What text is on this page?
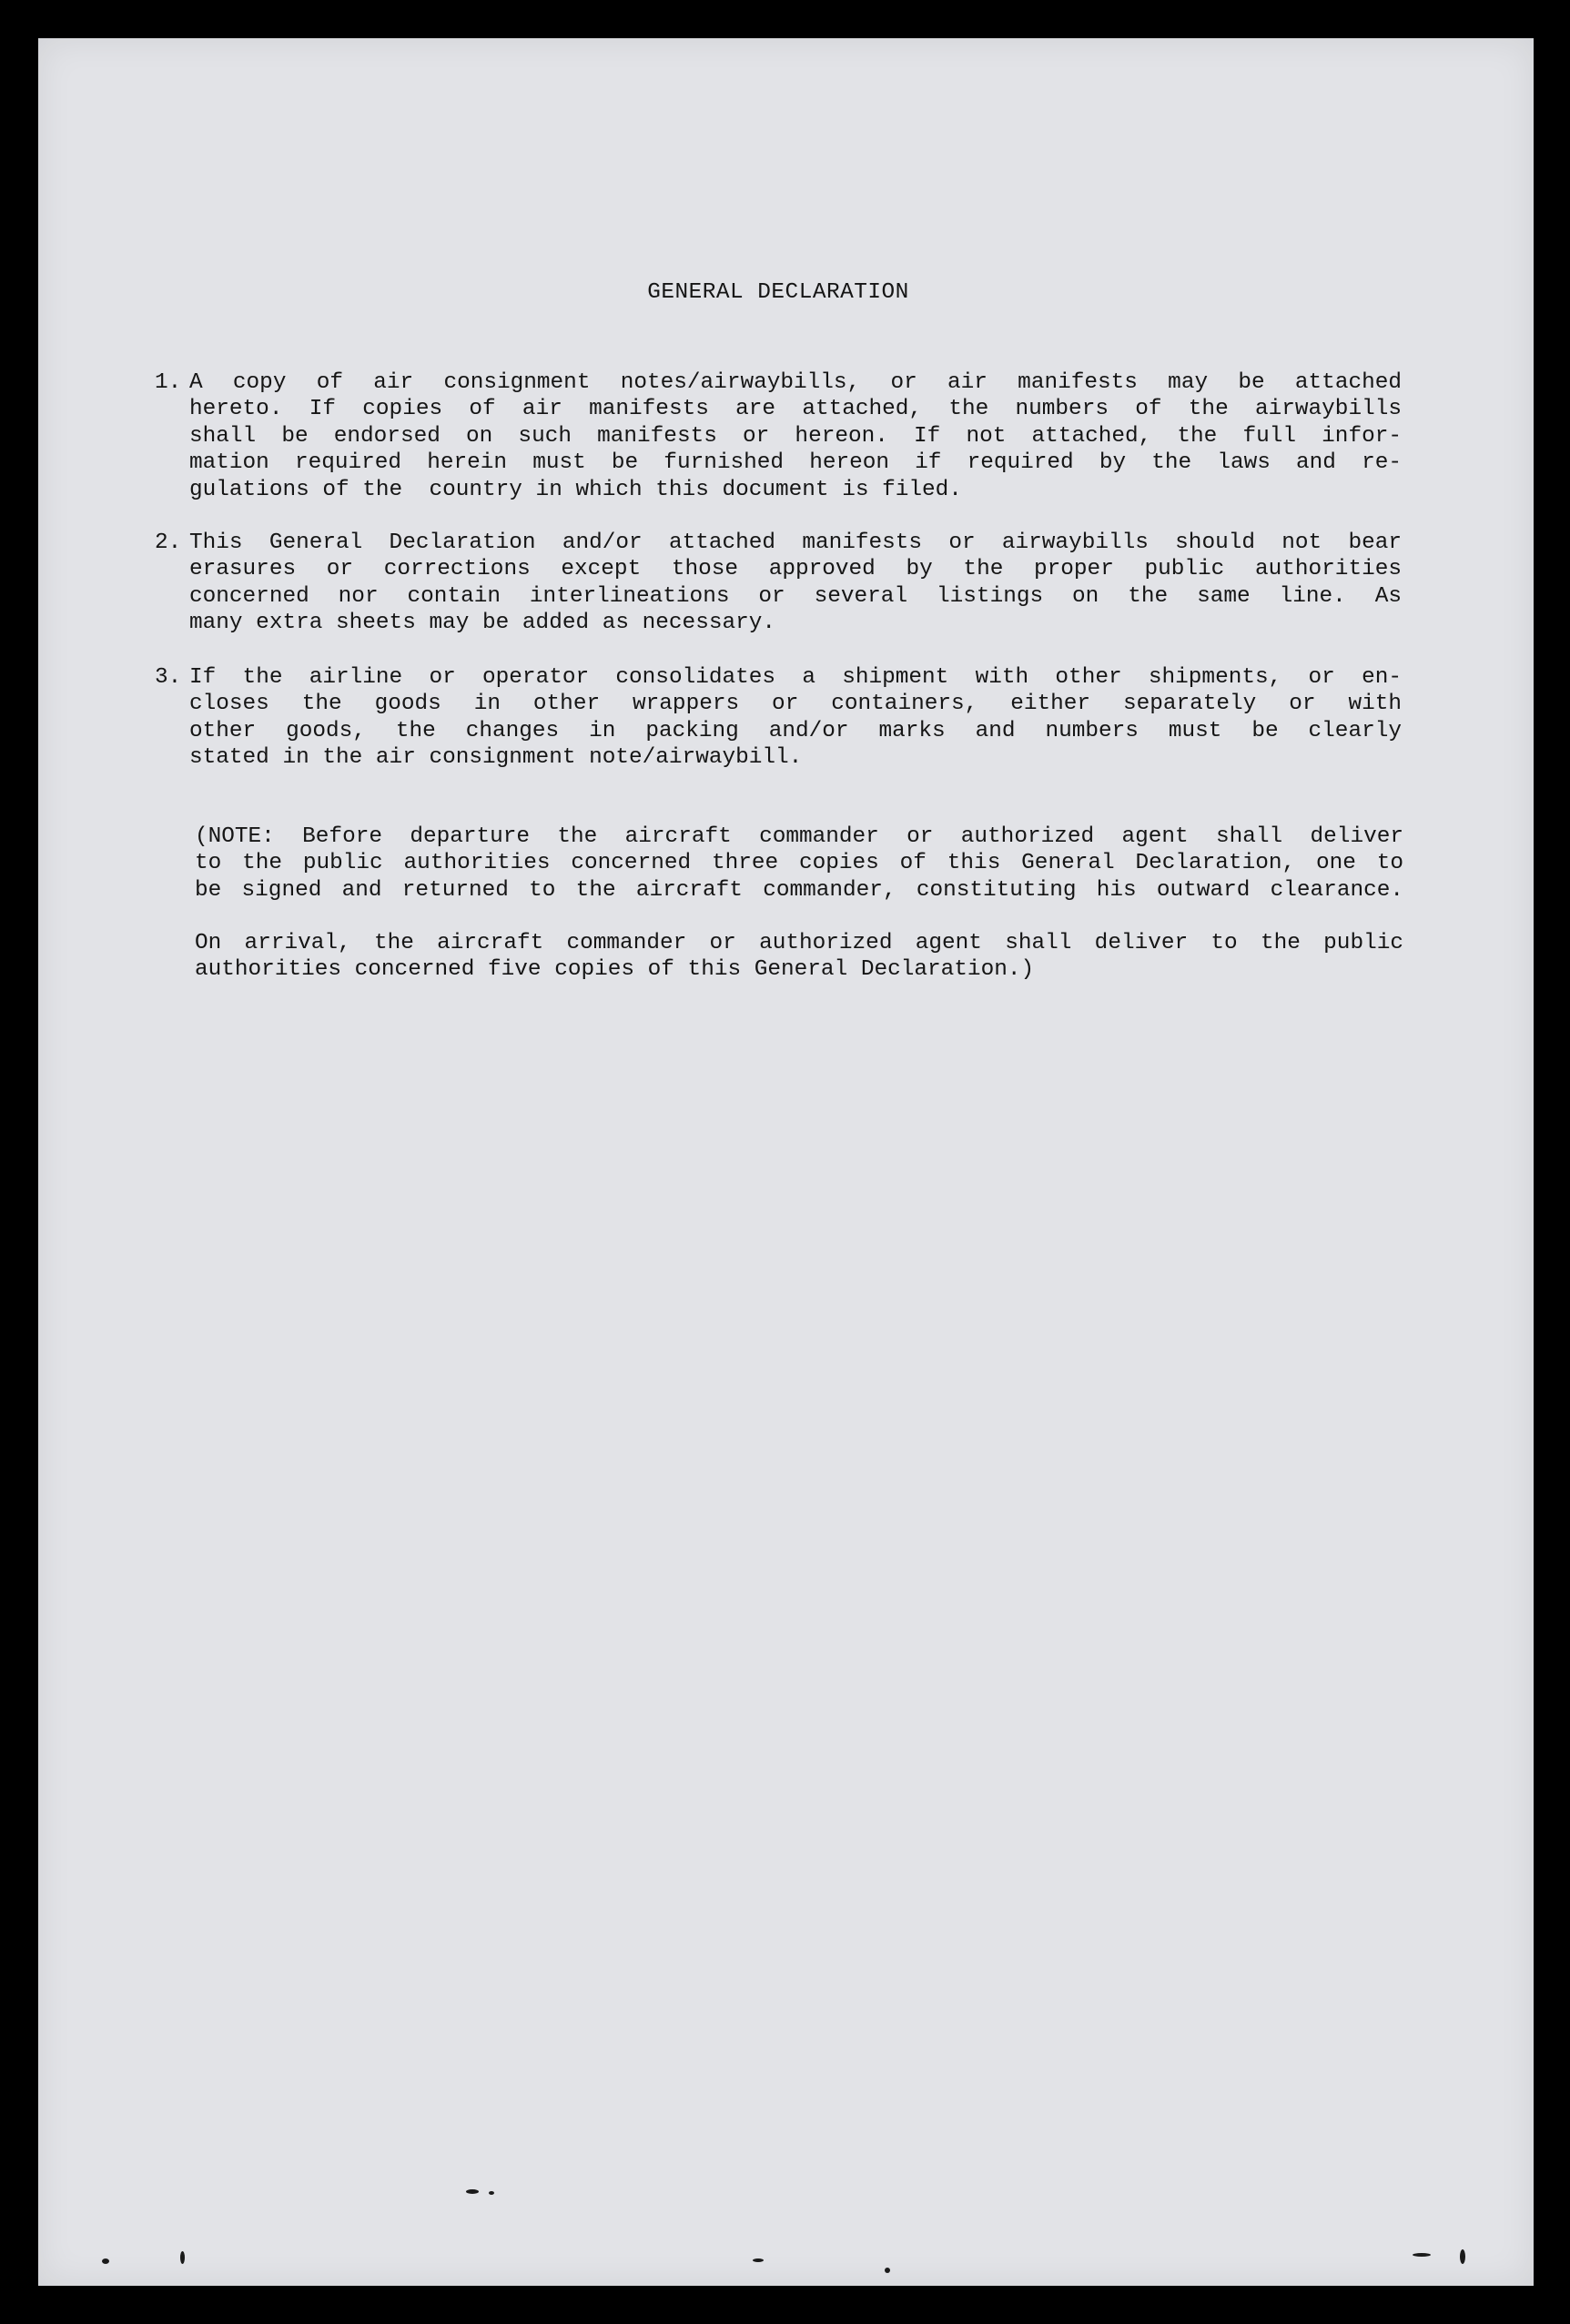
GENERAL DECLARATION
1. A copy of air consignment notes/airwaybills, or air manifests may be attached
hereto. If copies of air manifests are attached, the numbers of the airwaybills
shall be endorsed on such manifests or hereon. If not attached, the full infor-
mation required herein must be furnished hereon if required by the laws and re-
gulations of the  country in which this document is filed.
2. This General Declaration and/or attached manifests or airwaybills should not bear
erasures or corrections except those approved by the proper public authorities
concerned nor contain interlineations or several listings on the same line. As
many extra sheets may be added as necessary.
3. If the airline or operator consolidates a shipment with other shipments, or en-
closes the goods in other wrappers or containers, either separately or with
other goods, the changes in packing and/or marks and numbers must be clearly
stated in the air consignment note/airwaybill.
(NOTE: Before departure the aircraft commander or authorized agent shall deliver
to the public authorities concerned three copies of this General Declaration, one to
be signed and returned to the aircraft commander, constituting his outward clearance.
On arrival, the aircraft commander or authorized agent shall deliver to the public
authorities concerned five copies of this General Declaration.)
